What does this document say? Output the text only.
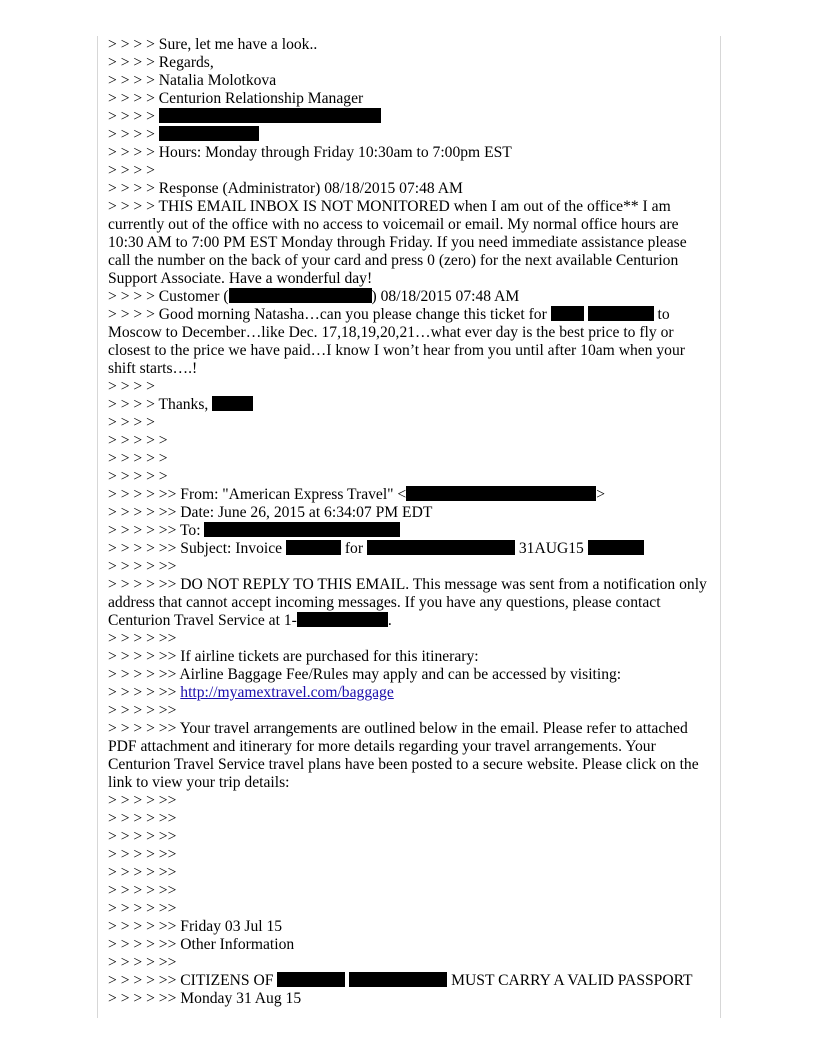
> > > > Sure, let me have a look..
> > > > Regards,
> > > > Natalia Molotkova
> > > > Centurion Relationship Manager
> > > >
> > > >
> > > > Hours: Monday through Friday 10:30am to 7:00pm EST
> > > >
> > > > Response (Administrator) 08/18/2015 07:48 AM
> > > > THIS EMAIL INBOX IS NOT MONITORED when I am out of the office** I am currently out of the office with no access to voicemail or email. My normal office hours are 10:30 AM to 7:00 PM EST Monday through Friday. If you need immediate assistance please call the number on the back of your card and press 0 (zero) for the next available Centurion Support Associate. Have a wonderful day!
> > > > Customer (	) 08/18/2015 07:48 AM
> > > > Good morning Natasha…can you please change this ticket for	to Moscow to December…like Dec. 17,18,19,20,21…what ever day is the best price to fly or closest to the price we have paid…I know I won’t hear from you until after 10am when your shift starts….!
> > > >
> > > > Thanks,
> > > >
> > > > >
> > > > >
> > > > >
> > > > >> From: "American Express Travel" <	>
> > > > >> Date: June 26, 2015 at 6:34:07 PM EDT
> > > > >> To:
> > > > >> Subject: Invoice	for	31AUG15
> > > > >>
> > > > >> DO NOT REPLY TO THIS EMAIL. This message was sent from a notification only address that cannot accept incoming messages. If you have any questions, please contact Centurion Travel Service at 1-	.
> > > > >>
> > > > >> If airline tickets are purchased for this itinerary:
> > > > >> Airline Baggage Fee/Rules may apply and can be accessed by visiting:
> > > > >> http://myamextravel.com/baggage
> > > > >>
> > > > >> Your travel arrangements are outlined below in the email. Please refer to attached PDF attachment and itinerary for more details regarding your travel arrangements. Your Centurion Travel Service travel plans have been posted to a secure website. Please click on the link to view your trip details:
> > > > >>
> > > > >>
> > > > >>
> > > > >>
> > > > >>
> > > > >>
> > > > >>
> > > > >> Friday 03 Jul 15
> > > > >> Other Information
> > > > >>
> > > > >> CITIZENS OF	MUST CARRY A VALID PASSPORT
> > > > >> Monday 31 Aug 15
